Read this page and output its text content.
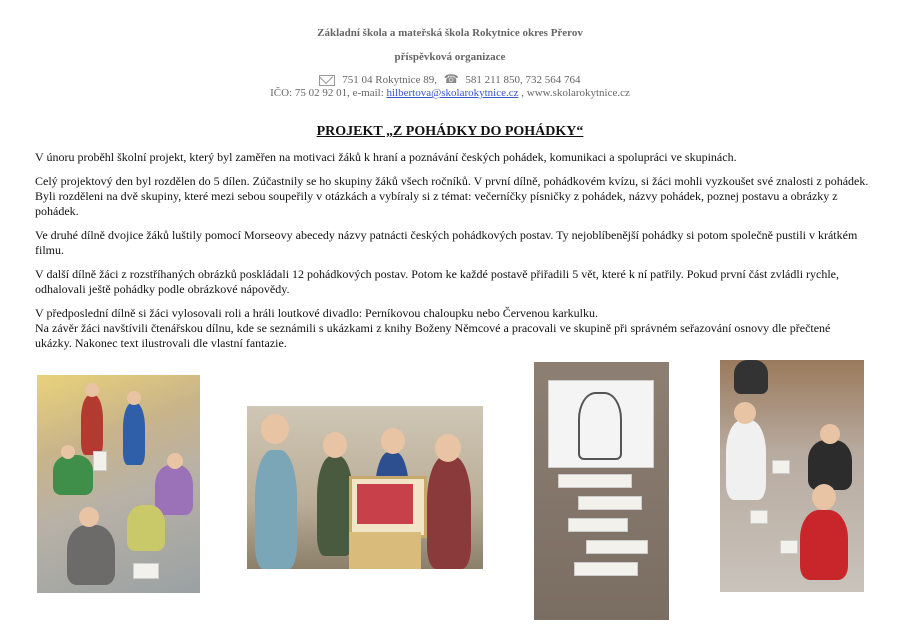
Základní škola a mateřská škola Rokytnice okres Přerov
příspěvková organizace
751 04 Rokytnice 89, ☎ 581 211 850, 732 564 764
IČO: 75 02 92 01, e-mail: hilbertova@skolarokytnice.cz , www.skolarokytnice.cz
PROJEKT „Z POHÁDKY DO POHÁDKY“

V únoru proběhl školní projekt, který byl zaměřen na motivaci žáků k hraní a poznávání českých pohádek, komunikaci a spolupráci ve skupinách.

Celý projektový den byl rozdělen do 5 dílen. Zúčastnily se ho skupiny žáků všech ročníků. V první dílně, pohádkovém kvízu, si žáci mohli vyzkoušet své znalosti z pohádek. Byli rozděleni na dvě skupiny, které mezi sebou soupeřily v otázkách a vybíraly si z témat: večerníčky písničky z pohádek, názvy pohádek, poznej postavu a obrázky z pohádek.

Ve druhé dílně dvojice žáků luštily pomocí Morseovy abecedy názvy patnácti českých pohádkových postav. Ty nejoblíbenější pohádky si potom společně pustili v krátkém filmu.

V další dílně žáci z rozstříhaných obrázků poskládali 12 pohádkových postav. Potom ke každé postavě přiřadili 5 vět, které k ní patřily. Pokud první část zvládli rychle, odhalovali ještě pohádky podle obrázkové nápovědy.

V předposlední dílně si žáci vylosovali roli a hráli loutkové divadlo: Perníkovou chaloupku nebo Červenou karkulku.
Na závěr žáci navštívili čtenářskou dílnu, kde se seznámili s ukázkami z knihy Boženy Němcové a pracovali ve skupině při správném seřazování osnovy dle přečtené ukázky. Nakonec text ilustrovali dle vlastní fantazie.
